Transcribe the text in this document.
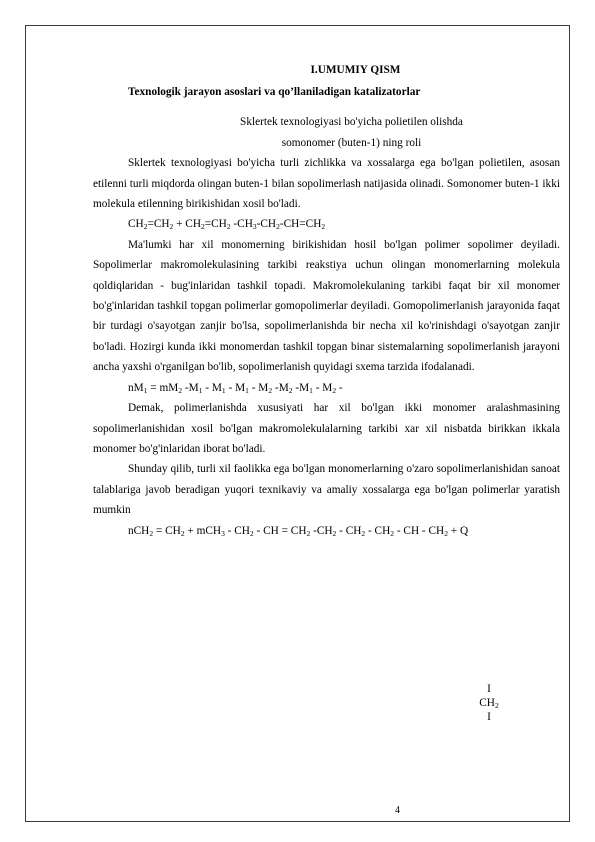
I.UMUMIY QISM

Texnologik jarayon asoslari va qo’llaniladigan katalizatorlar

Sklertek texnologiyasi bo'yicha polietilen olishda

somonomer (buten-1) ning roli

Sklertek texnologiyasi bo'yicha turli zichlikka va xossalarga ega bo'lgan polietilen, asosan etilenni turli miqdorda olingan buten-1 bilan sopolimerlash natijasida olinadi. Somonomer buten-1 ikki molekula etilenning birikishidan xosil bo'ladi.

$CH_2=CH_2 + CH_2=CH_2$ $-CH_3-CH_2-CH=CH_2$

Ma'lumki har xil monomerning birikishidan hosil bo'lgan polimer sopolimer deyiladi. Sopolimerlar makromolekulasining tarkibi reakstiya uchun olingan monomerlarning molekula qoldiqlaridan - bug'inlaridan tashkil topadi. Makromolekulaning tarkibi faqat bir xil monomer bo'g'inlaridan tashkil topgan polimerlar gomopolimerlar deyiladi. Gomopolimerlanish jarayonida faqat bir turdagi o'sayotgan zanjir bo'lsa, sopolimerlanishda bir necha xil ko'rinishdagi o'sayotgan zanjir bo'ladi. Hozirgi kunda ikki monomerdan tashkil topgan binar sistemalarning sopolimerlanish jarayoni ancha yaxshi o'rganilgan bo'lib, sopolimerlanish quyidagi sxema tarzida ifodalanadi.

$nM_1 = mM_2$ $-M_1 - M_1 - M_1 - M_2$ $-M_2$ $-M_1 - M_2$ -

Demak, polimerlanishda xususiyati har xil bo'lgan ikki monomer aralashmasining sopolimerlanishidan xosil bo'lgan makromolekulalarning tarkibi xar xil nisbatda birikkan ikkala monomer bo'g'inlaridan iborat bo'ladi.

Shunday qilib, turli xil faolikka ega bo'lgan monomerlarning o'zaro sopolimerlanishidan sanoat talablariga javob beradigan yuqori texnikaviy va amaliy xossalarga ega bo'lgan polimerlar yaratish mumkin

$nCH_2 = CH_2 + mCH_3 - CH_2$ - CH = $CH_2$ $-CH_2 - CH_2 - CH_2$ - CH - $CH_2 + Q$

I
$CH_2$
I
4
